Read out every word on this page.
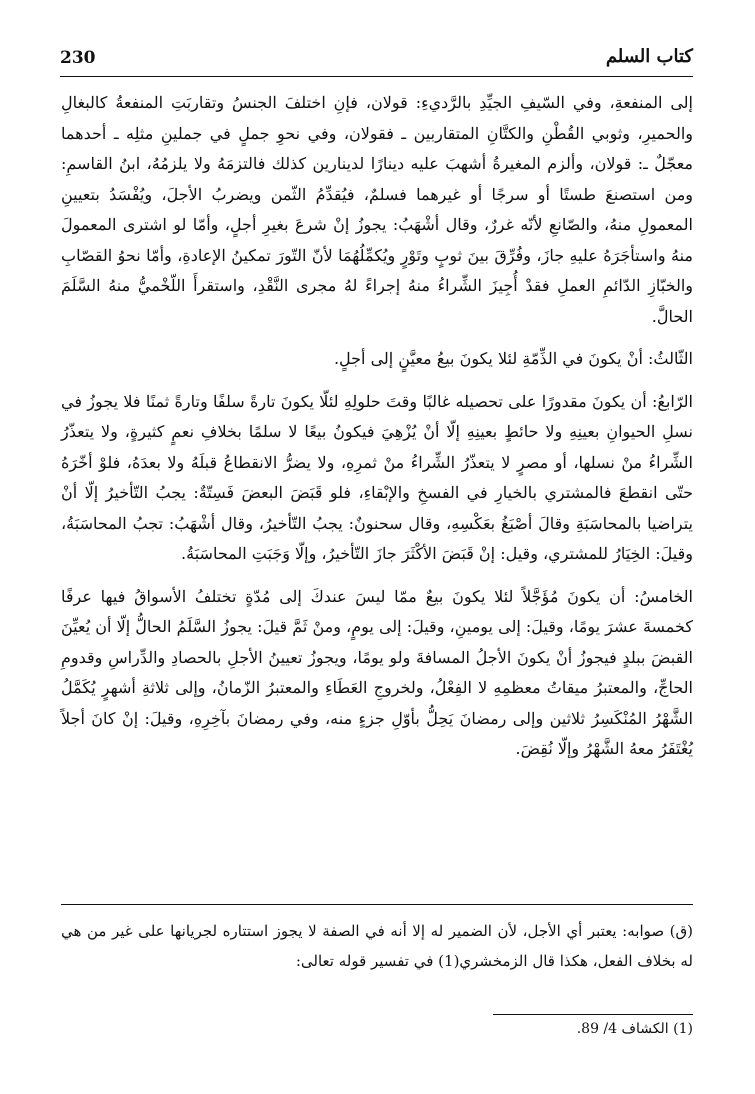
230	كتاب السلم

إلى المنفعةِ، وفي السّيفِ الجيِّدِ بالرَّديءِ: قولان، فإنِ اختلفَ الجنسُ وتقاربَتِ المنفعةُ كالبغالِ والحميرِ، وثوبي القُطْنِ والكتَّانِ المتقاربين ـ فقولان، وفي نحوِ جملٍ في جملينِ مثلِه ـ أحدهما معجّلٌ ـ: قولان، وألزم المغيرةُ أشهبَ عليه دينارًا لدينارين كذلك فالتزمَهُ ولا يلزمُهُ، ابنُ القاسمِ: ومن استصنعَ طستًا أو سرجًا أو غيرهما فسلمٌ، فيُقدِّمُ الثّمن ويضربُ الأجلَ، ويُفْسَدُ بتعيينِ المعمولِ منهُ، والصّانعِ لأنّه غررٌ، وقال أشْهَبُ: يجوزُ إنْ شرعَ بغيرِ أجلٍ، وأمّا لو اشترى المعمولَ منهُ واستأجَرَهُ عليهِ جازَ، وفُرِّقَ بينَ ثوبٍ وتَوْرٍ ويُكمِّلُهُمَا لأنّ التّورَ تمكينُ الإعادةِ، وأمّا نحوُ القصّابِ والخبّازِ الدّائمِ العملِ فقدْ أُجِيزَ الشِّراءُ منهُ إجراءً لهُ مجرى النَّقْدِ، واستقرأَ اللّخْميُّ منهُ السَّلَمَ الحالَّ.

الثّالثُ: أنْ يكونَ في الذِّمّةِ لئلا يكونَ بيعُ معيَّنٍ إلى أجلٍ.

الرّابعُ: أن يكونَ مقدورًا على تحصيله غالبًا وقتَ حلولِهِ لئلّا يكونَ تارةً سلفًا وتارةً ثمنًا فلا يجوزُ في نسلِ الحيوانِ بعينِهِ ولا حائطٍ بعينِهِ إلّا أنْ يُزْهِيَ فيكونُ بيعًا لا سلمًا بخلافِ نعمٍ كثيرةٍ، ولا يتعذّرُ الشِّراءُ منْ نسلها، أو مصرٍ لا يتعذّرُ الشِّراءُ منْ ثمرِهِ، ولا يضرُّ الانقطاعُ قبلَهُ ولا بعدَهُ، فلوْ أخّرَهُ حتّى انقطعَ فالمشتري بالخيارِ في الفسخِ والإبْقاءِ، فلو قَبَضَ البعضَ فَسِتّةٌ: يجبُ التّأخيرُ إلّا أنْ يتراضيا بالمحاسَبَةِ وقالَ أصْبَغُ بعَكْسِهِ، وقال سحنونٌ: يجبُ التّأخيرُ، وقال أشْهَبُ: تجبُ المحاسَبَةُ، وقيلَ: الخِيَارُ للمشتري، وقيل: إنْ قَبَضَ الأكْثَرَ جازَ التّأخيرُ، وإلّا وَجَبَتِ المحاسَبَةُ.

الخامسُ: أن يكونَ مُؤَجَّلاً لئلا يكونَ بيعٌ ممّا ليسَ عندكَ إلى مُدّةٍ تختلفُ الأسواقُ فيها عرفًا كخمسةَ عشرَ يومًا، وقيلَ: إلى يومينِ، وقيلَ: إلى يومٍ، ومنْ ثَمَّ قيلَ: يجوزُ السَّلَمُ الحالُّ إلّا أن يُعيِّنَ القبضَ ببلدٍ فيجوزُ أنْ يكونَ الأجلُ المسافةَ ولو يومًا، ويجوزُ تعيينُ الأجلِ بالحصادِ والدِّراسِ وقدومِ الحاجِّ، والمعتبرُ ميقاتُ معظمِهِ لا الفِعْلُ، ولخروجِ العَطَاءِ والمعتبرُ الزّمانُ، وإلى ثلاثةِ أشهرٍ يُكَمَّلُ الشَّهْرُ المُنْكَسِرُ ثلاثين وإلى رمضانَ يَحِلُّ بأوّلِ جزءٍ منه، وفي رمضانَ بآخِرِهِ، وقيلَ: إنْ كانَ أجلاً يُغْتَفَرُ معهُ الشَّهْرُ وإلّا نُقِضَ.

(ق) صوابه: يعتبر أي الأجل، لأن الضمير له إلا أنه في الصفة لا يجوز استتاره لجريانها على غير من هي له بخلاف الفعل، هكذا قال الزمخشري(1) في تفسير قوله تعالى:

(1) الكشاف 4/ 89.
